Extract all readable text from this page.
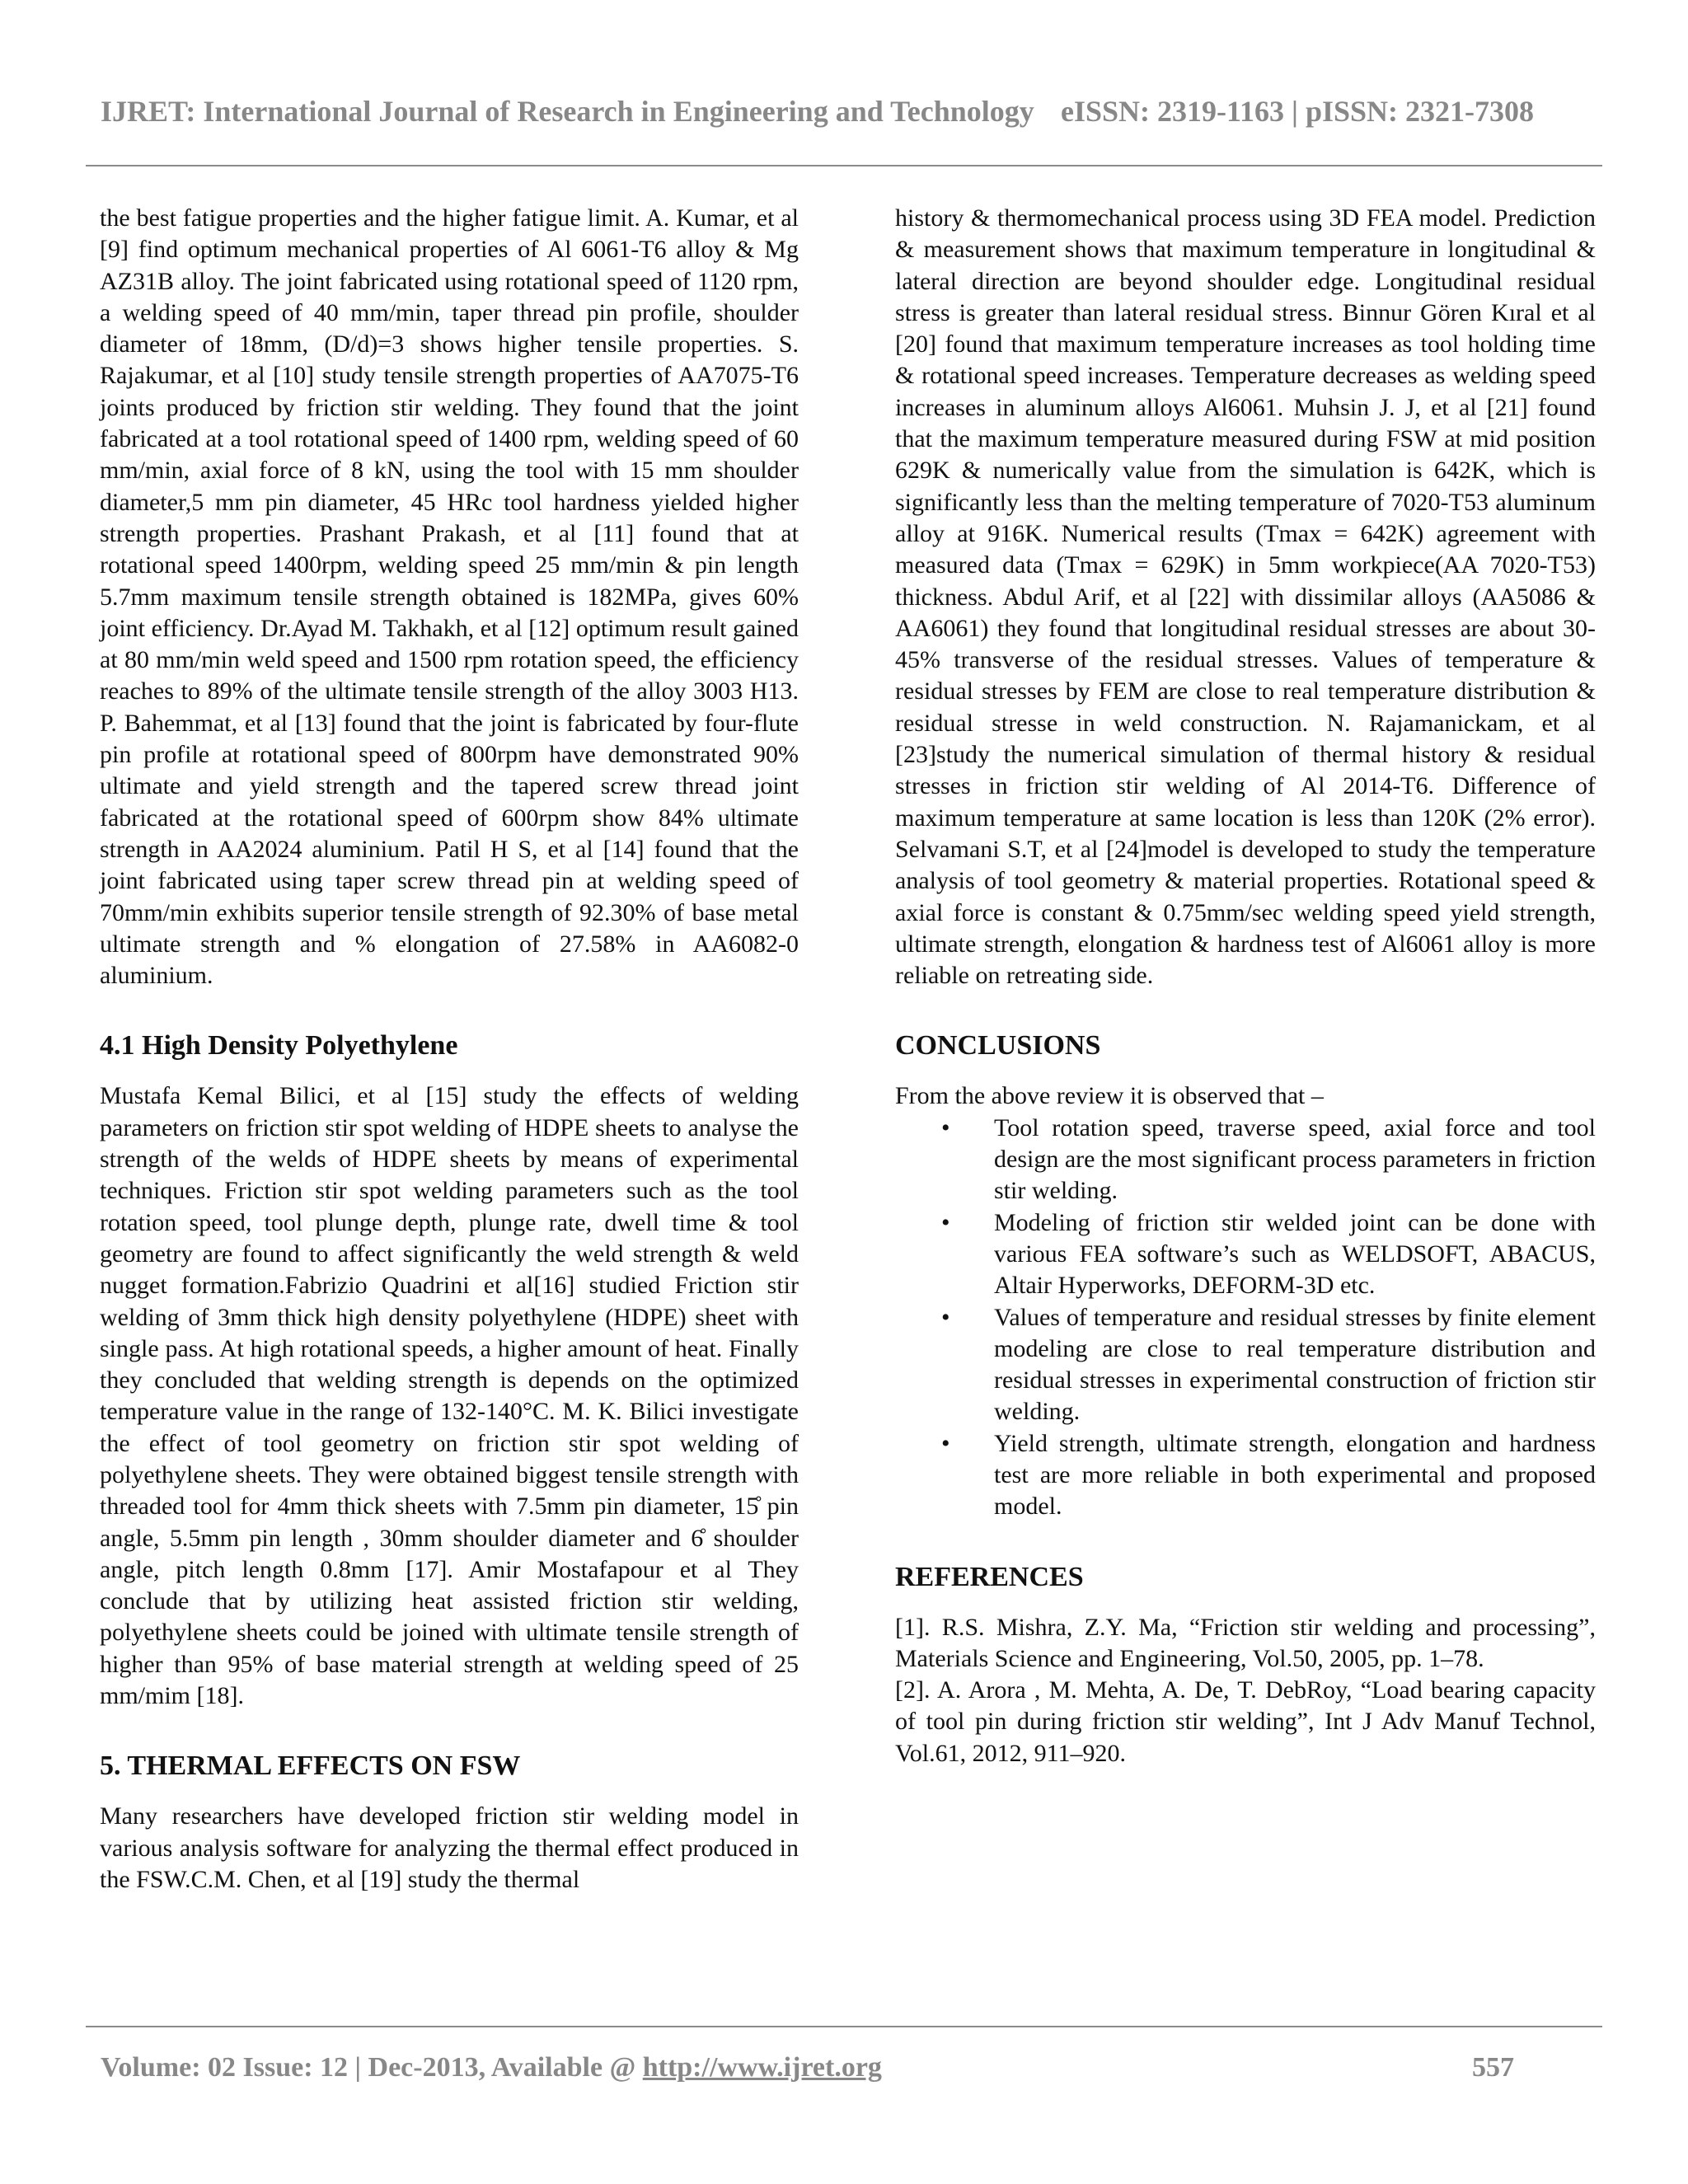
IJRET: International Journal of Research in Engineering and Technology eISSN: 2319-1163 | pISSN: 2321-7308

the best fatigue properties and the higher fatigue limit. A. Kumar, et al [9] find optimum mechanical properties of Al 6061-T6 alloy & Mg AZ31B alloy. The joint fabricated using rotational speed of 1120 rpm, a welding speed of 40 mm/min, taper thread pin profile, shoulder diameter of 18mm, (D/d)=3 shows higher tensile properties. S. Rajakumar, et al [10] study tensile strength properties of AA7075-T6 joints produced by friction stir welding. They found that the joint fabricated at a tool rotational speed of 1400 rpm, welding speed of 60 mm/min, axial force of 8 kN, using the tool with 15 mm shoulder diameter,5 mm pin diameter, 45 HRc tool hardness yielded higher strength properties. Prashant Prakash, et al [11] found that at rotational speed 1400rpm, welding speed 25 mm/min & pin length 5.7mm maximum tensile strength obtained is 182MPa, gives 60% joint efficiency. Dr.Ayad M. Takhakh, et al [12] optimum result gained at 80 mm/min weld speed and 1500 rpm rotation speed, the efficiency reaches to 89% of the ultimate tensile strength of the alloy 3003 H13. P. Bahemmat, et al [13] found that the joint is fabricated by four-flute pin profile at rotational speed of 800rpm have demonstrated 90% ultimate and yield strength and the tapered screw thread joint fabricated at the rotational speed of 600rpm show 84% ultimate strength in AA2024 aluminium. Patil H S, et al [14] found that the joint fabricated using taper screw thread pin at welding speed of 70mm/min exhibits superior tensile strength of 92.30% of base metal ultimate strength and % elongation of 27.58% in AA6082-0 aluminium.

4.1 High Density Polyethylene

Mustafa Kemal Bilici, et al [15] study the effects of welding parameters on friction stir spot welding of HDPE sheets to analyse the strength of the welds of HDPE sheets by means of experimental techniques. Friction stir spot welding parameters such as the tool rotation speed, tool plunge depth, plunge rate, dwell time & tool geometry are found to affect significantly the weld strength & weld nugget formation.Fabrizio Quadrini et al[16] studied Friction stir welding of 3mm thick high density polyethylene (HDPE) sheet with single pass. At high rotational speeds, a higher amount of heat. Finally they concluded that welding strength is depends on the optimized temperature value in the range of 132-140°C. M. K. Bilici investigate the effect of tool geometry on friction stir spot welding of polyethylene sheets. They were obtained biggest tensile strength with threaded tool for 4mm thick sheets with 7.5mm pin diameter, 15̊ pin angle, 5.5mm pin length , 30mm shoulder diameter and 6̊ shoulder angle, pitch length 0.8mm [17]. Amir Mostafapour et al They conclude that by utilizing heat assisted friction stir welding, polyethylene sheets could be joined with ultimate tensile strength of higher than 95% of base material strength at welding speed of 25 mm/mim [18].

5. THERMAL EFFECTS ON FSW

Many researchers have developed friction stir welding model in various analysis software for analyzing the thermal effect produced in the FSW.C.M. Chen, et al [19] study the thermal

history & thermomechanical process using 3D FEA model. Prediction & measurement shows that maximum temperature in longitudinal & lateral direction are beyond shoulder edge. Longitudinal residual stress is greater than lateral residual stress. Binnur Gören Kıral et al [20] found that maximum temperature increases as tool holding time & rotational speed increases. Temperature decreases as welding speed increases in aluminum alloys Al6061. Muhsin J. J, et al [21] found that the maximum temperature measured during FSW at mid position 629K & numerically value from the simulation is 642K, which is significantly less than the melting temperature of 7020-T53 aluminum alloy at 916K. Numerical results (Tmax = 642K) agreement with measured data (Tmax = 629K) in 5mm workpiece(AA 7020-T53) thickness. Abdul Arif, et al [22] with dissimilar alloys (AA5086 & AA6061) they found that longitudinal residual stresses are about 30-45% transverse of the residual stresses. Values of temperature & residual stresses by FEM are close to real temperature distribution & residual stresse in weld construction. N. Rajamanickam, et al [23]study the numerical simulation of thermal history & residual stresses in friction stir welding of Al 2014-T6. Difference of maximum temperature at same location is less than 120K (2% error). Selvamani S.T, et al [24]model is developed to study the temperature analysis of tool geometry & material properties. Rotational speed & axial force is constant & 0.75mm/sec welding speed yield strength, ultimate strength, elongation & hardness test of Al6061 alloy is more reliable on retreating side.

CONCLUSIONS

From the above review it is observed that –

• Tool rotation speed, traverse speed, axial force and tool design are the most significant process parameters in friction stir welding.
• Modeling of friction stir welded joint can be done with various FEA software’s such as WELDSOFT, ABACUS, Altair Hyperworks, DEFORM-3D etc.
• Values of temperature and residual stresses by finite element modeling are close to real temperature distribution and residual stresses in experimental construction of friction stir welding.
• Yield strength, ultimate strength, elongation and hardness test are more reliable in both experimental and proposed model.
REFERENCES

[1]. R.S. Mishra, Z.Y. Ma, “Friction stir welding and processing”, Materials Science and Engineering, Vol.50, 2005, pp. 1–78.

[2]. A. Arora , M. Mehta, A. De, T. DebRoy, “Load bearing capacity of tool pin during friction stir welding”, Int J Adv Manuf Technol, Vol.61, 2012, 911–920.

Volume: 02 Issue: 12 | Dec-2013, Available @ http://www.ijret.org	557
